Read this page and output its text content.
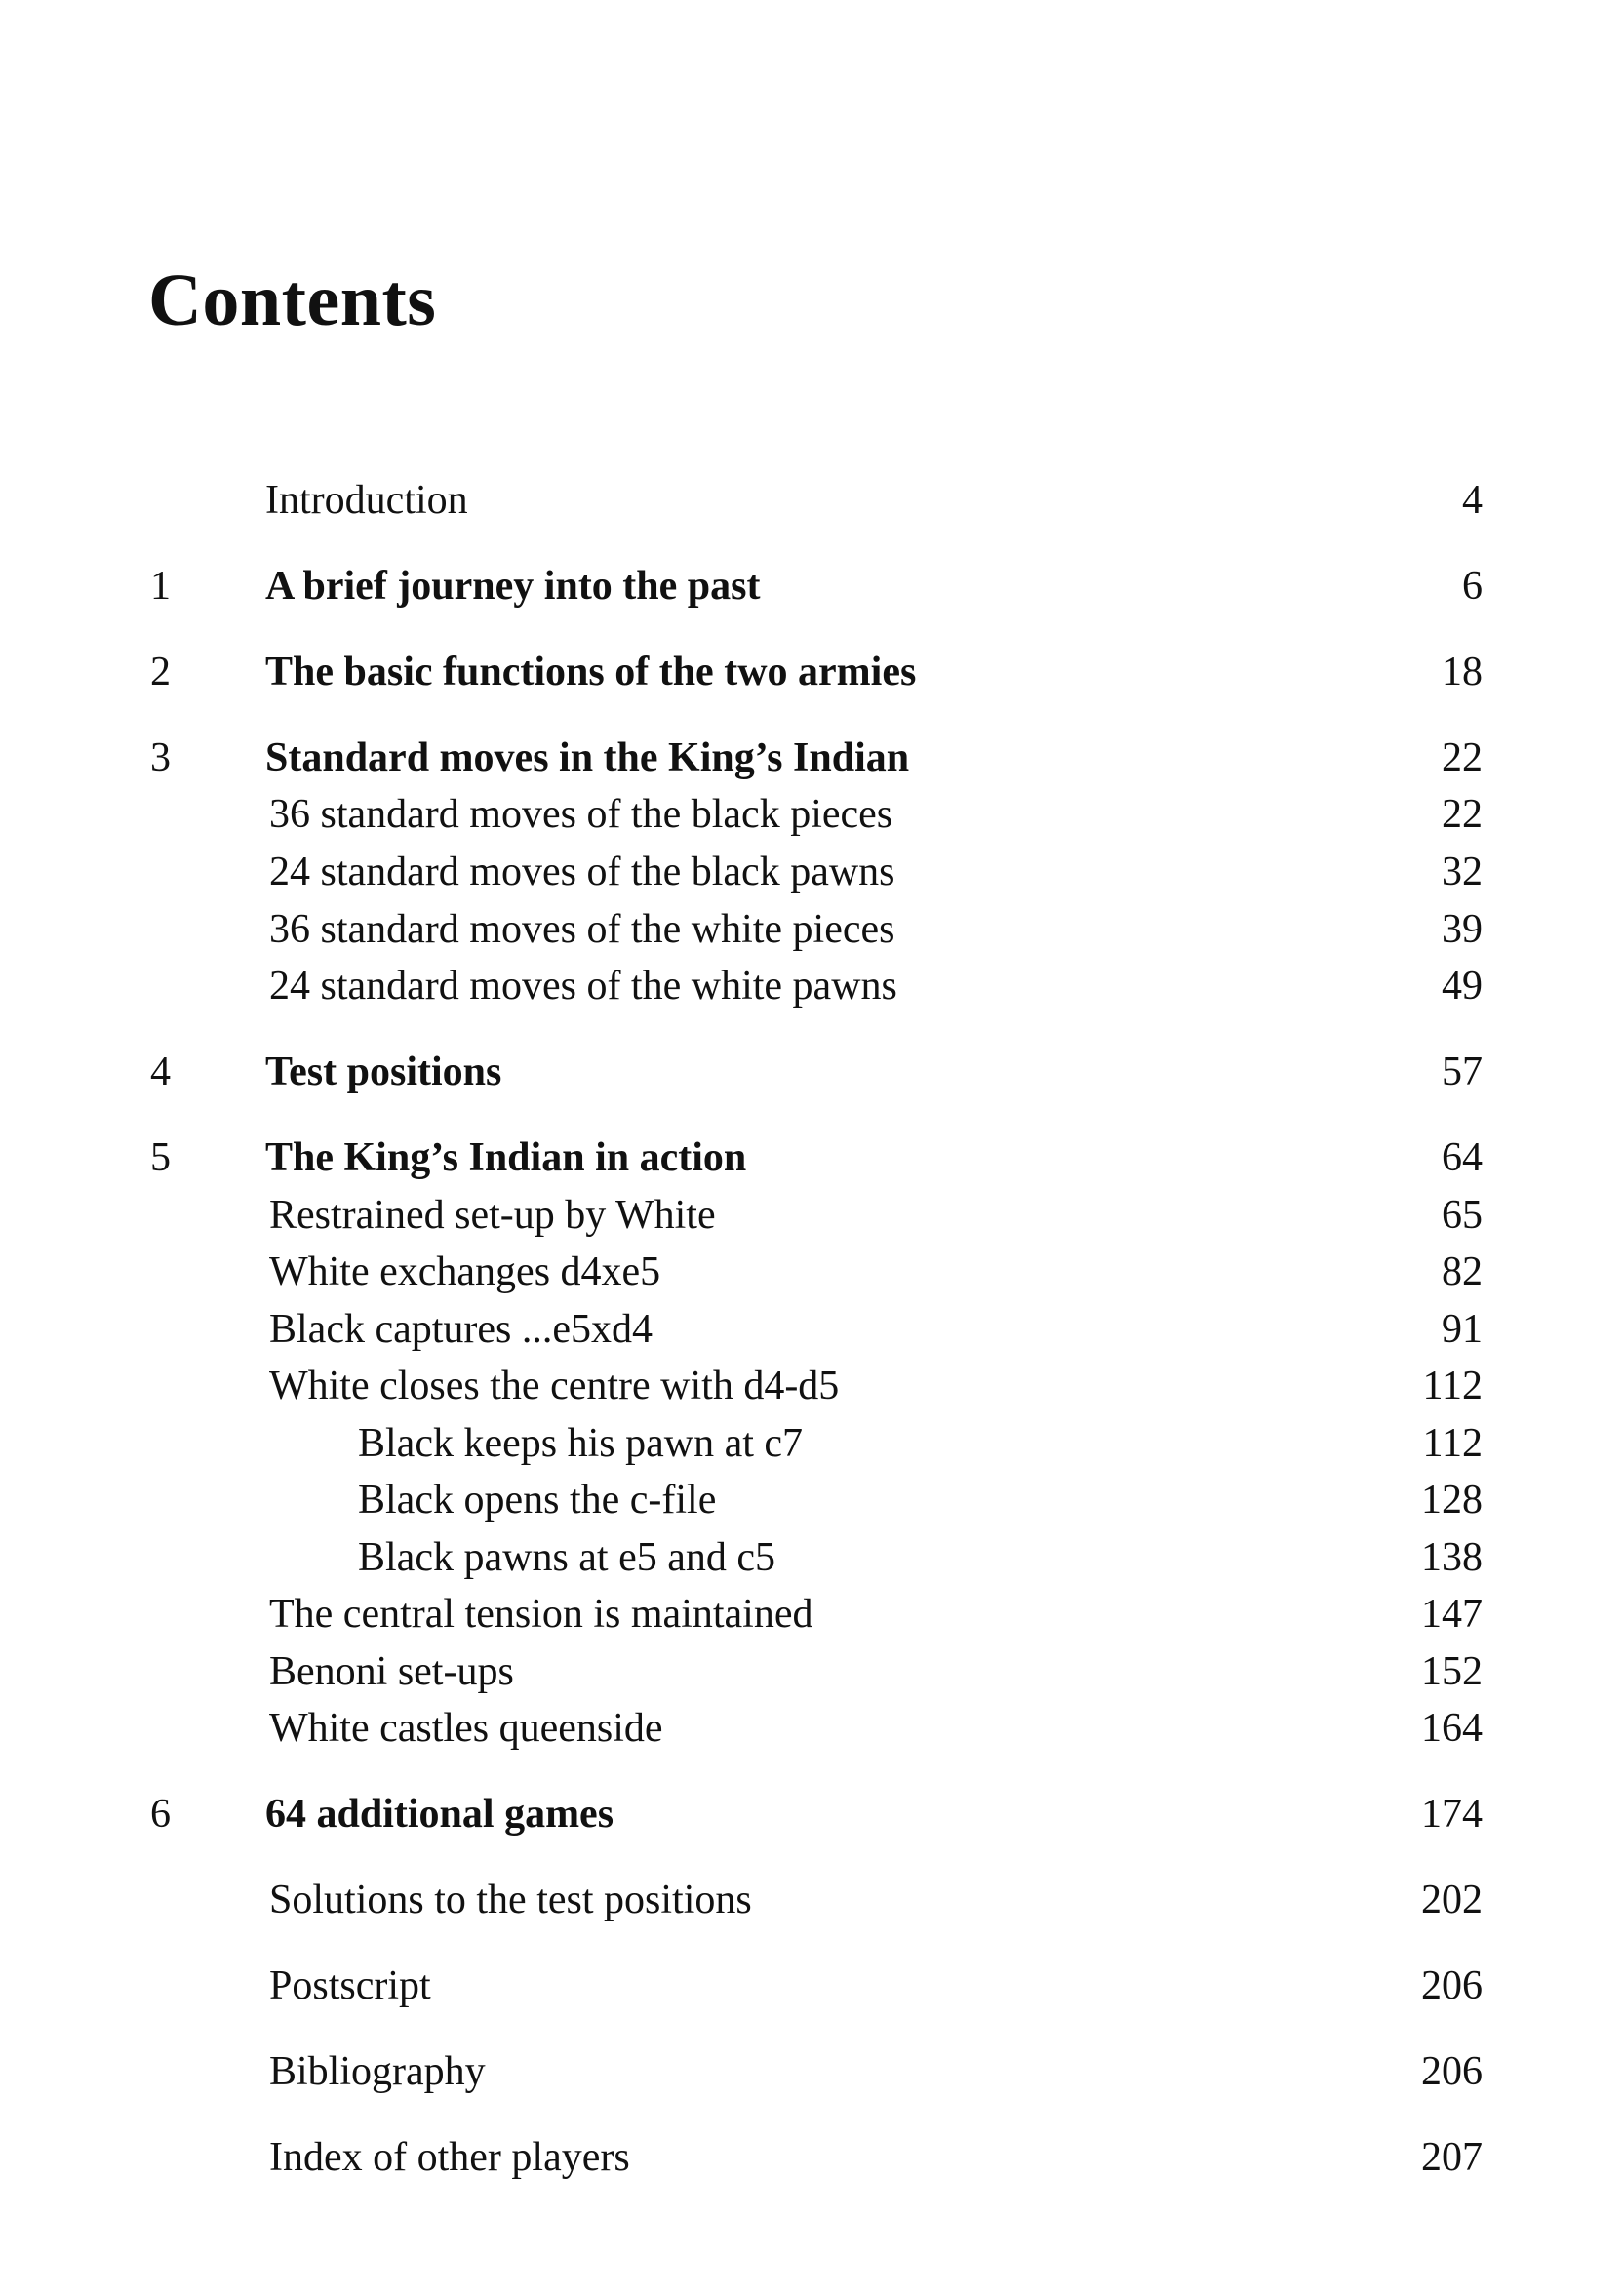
Contents
Introduction	4
1 A brief journey into the past	6
2 The basic functions of the two armies	18
3 Standard moves in the King’s Indian	22
36 standard moves of the black pieces	22
24 standard moves of the black pawns	32
36 standard moves of the white pieces	39
24 standard moves of the white pawns	49
4 Test positions	57
5 The King’s Indian in action	64
Restrained set-up by White	65
White exchanges d4xe5	82
Black captures ...e5xd4	91
White closes the centre with d4-d5	112
Black keeps his pawn at c7	112
Black opens the c-file	128
Black pawns at e5 and c5	138
The central tension is maintained	147
Benoni set-ups	152
White castles queenside	164
6 64 additional games	174
Solutions to the test positions	202
Postscript	206
Bibliography	206
Index of other players	207
